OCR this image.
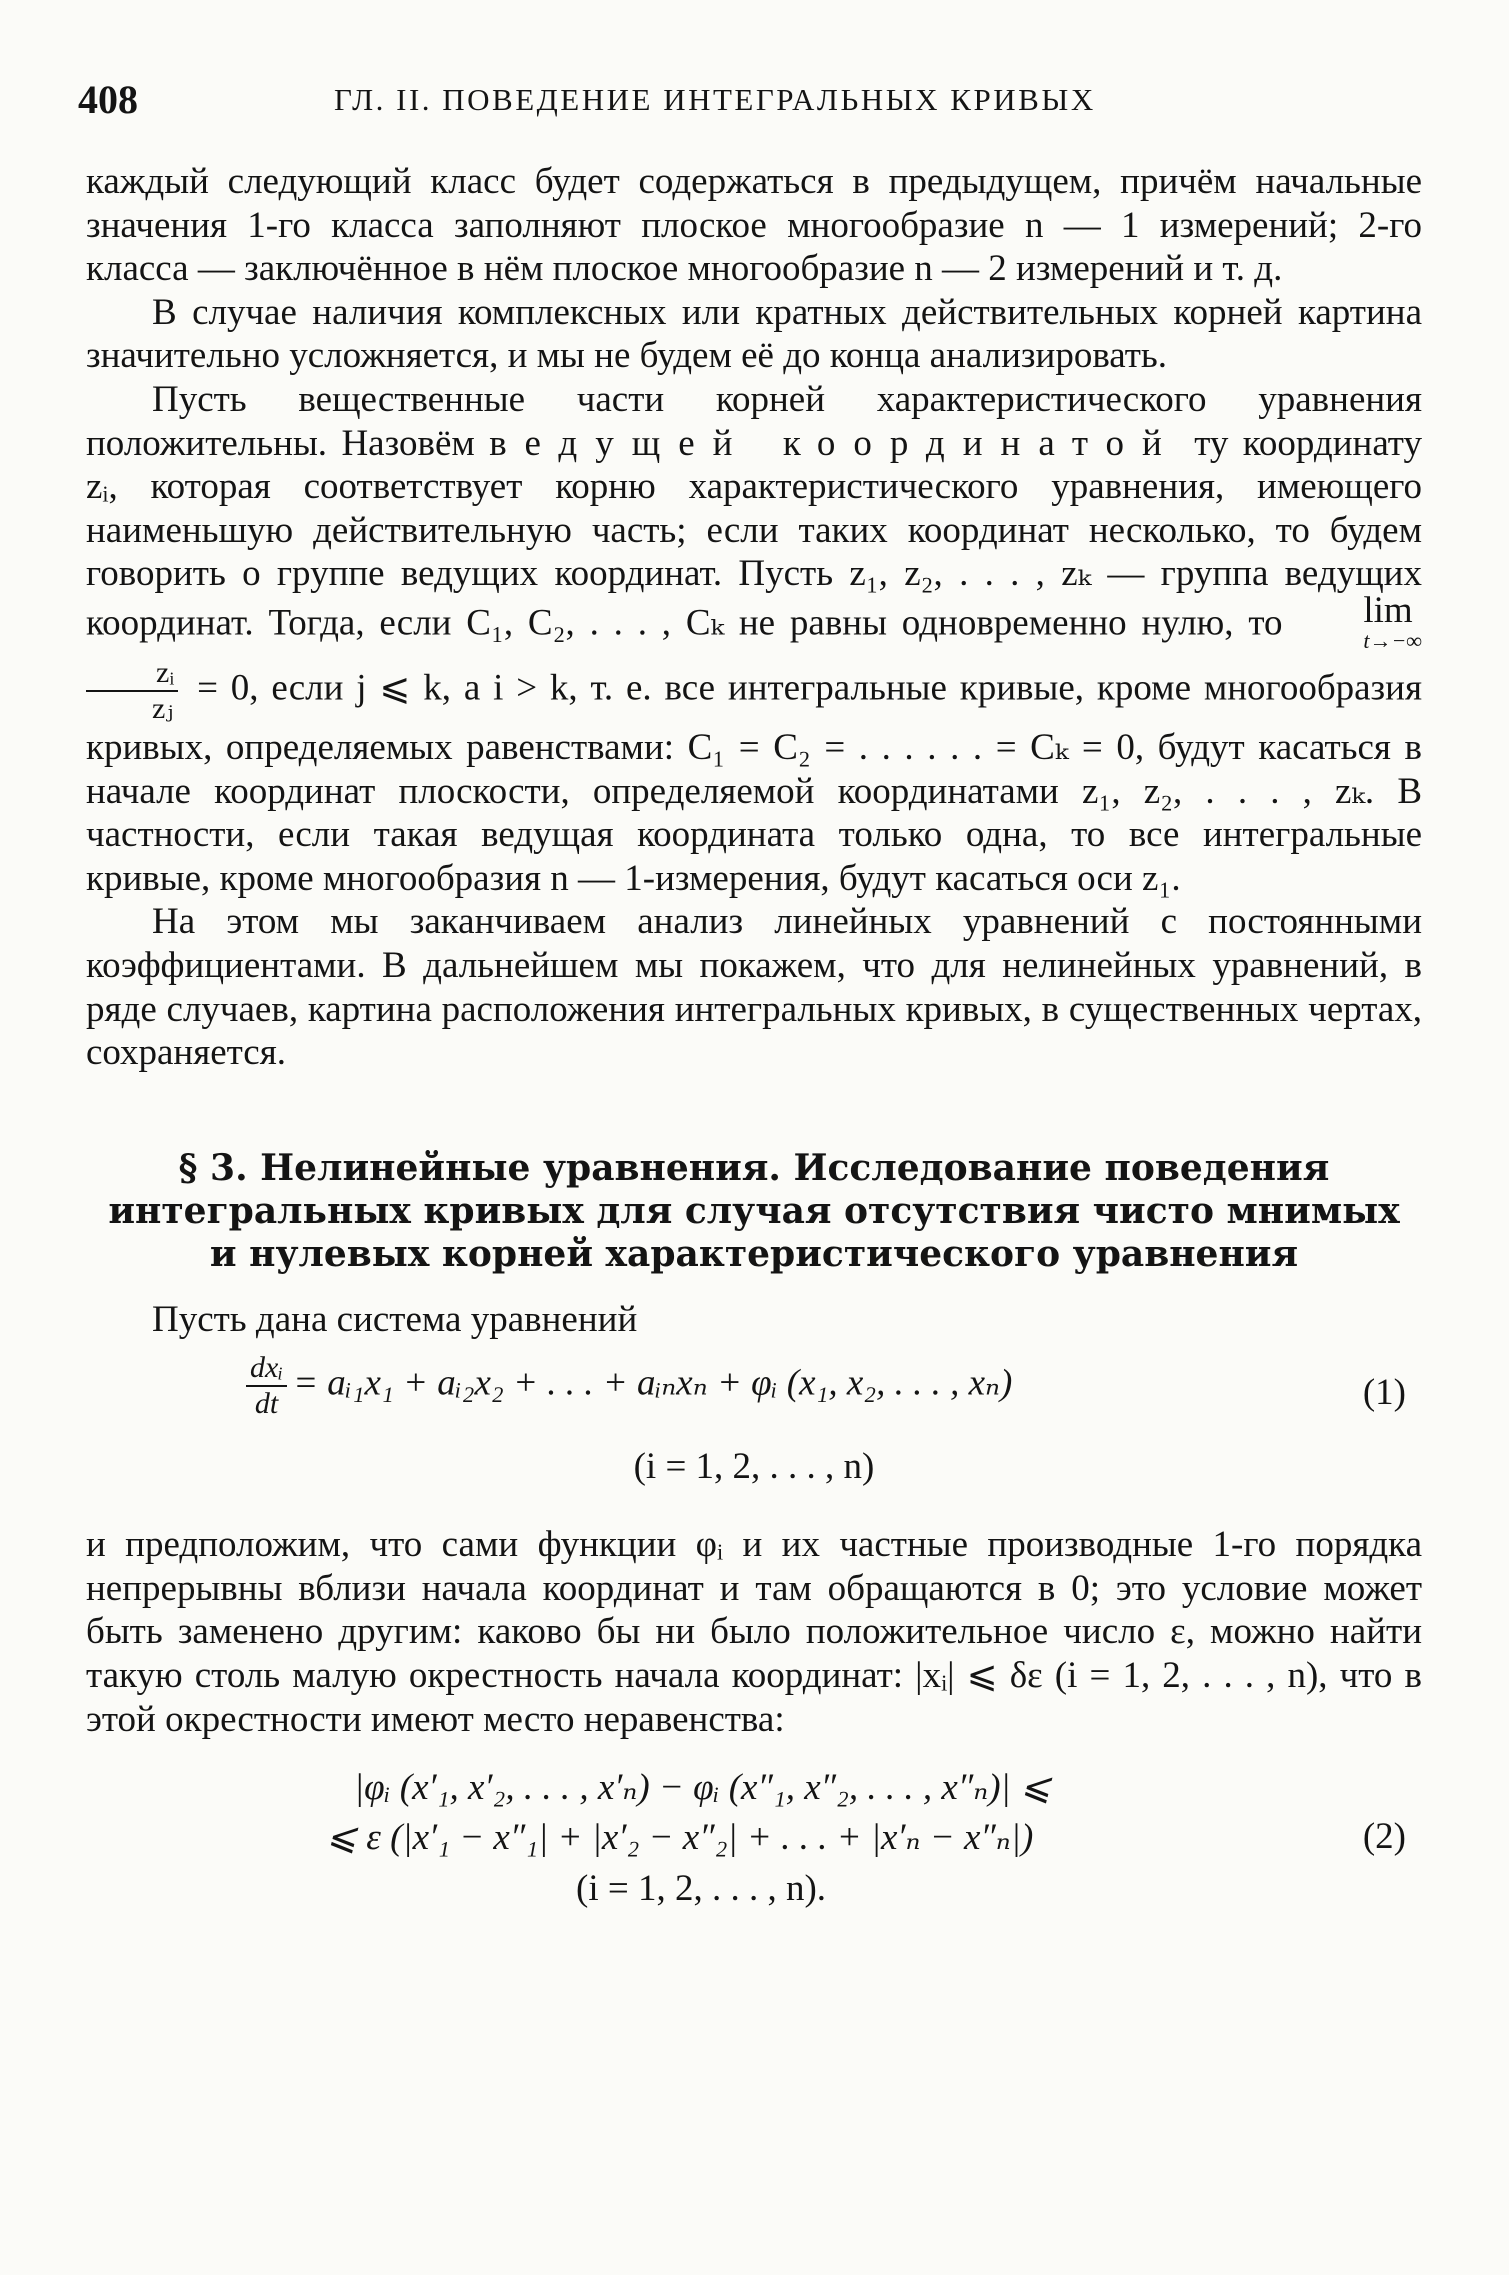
408	ГЛ. II. ПОВЕДЕНИЕ ИНТЕГРАЛЬНЫХ КРИВЫХ

каждый следующий класс будет содержаться в предыдущем, причём начальные значения 1-го класса заполняют плоское многообразие n — 1 измерений; 2-го класса — заключённое в нём плоское многообразие n — 2 измерений и т. д.

В случае наличия комплексных или кратных действительных корней картина значительно усложняется, и мы не будем её до конца анализировать.

Пусть вещественные части корней характеристического уравнения положительны. Назовём ведущей координатой ту координату zᵢ, которая соответствует корню характеристического уравнения, имеющего наименьшую действительную часть; если таких координат несколько, то будем говорить о группе ведущих координат. Пусть z₁, z₂, . . . , zₖ — группа ведущих координат. Тогда, если C₁, C₂, . . . , Cₖ не равны одновременно нулю, то lim
t→−∞

$\frac{\text{zᵢ}}{\text{zⱼ}} = 0$, если j ⩽ k, а i > k, т. е. все интегральные кривые, кроме многообразия кривых, определяемых равенствами: C₁ = C₂ = . . . . . . = Cₖ = 0, будут касаться в начале координат плоскости, определяемой координатами z₁, z₂, . . . , zₖ. В частности, если такая ведущая координата только одна, то все интегральные кривые, кроме многообразия n — 1-измерения, будут касаться оси z₁.

На этом мы заканчиваем анализ линейных уравнений с постоянными коэффициентами. В дальнейшем мы покажем, что для нелинейных уравнений, в ряде случаев, картина расположения интегральных кривых, в существенных чертах, сохраняется.

§ 3. Нелинейные уравнения. Исследование поведения
интегральных кривых для случая отсутствия чисто мнимых
и нулевых корней характеристического уравнения

Пусть дана система уравнений

$\frac{\text{dxᵢ}}{dt}$ = aᵢ₁x₁ + aᵢ₂x₂ + . . . + aᵢₙxₙ + φᵢ (x₁, x₂, . . . , xₙ)	(1)
(i = 1, 2, . . . , n)

и предположим, что сами функции φᵢ и их частные производные 1-го порядка непрерывны вблизи начала координат и там обращаются в 0; это условие может быть заменено другим: каково бы ни было положительное число ε, можно найти такую столь малую окрестность начала координат: |xᵢ| ⩽ δε (i = 1, 2, . . . , n), что в этой окрестности имеют место неравенства:

|φᵢ (x′₁, x′₂, . . . , x′ₙ) − φᵢ (x″₁, x″₂, . . . , x″ₙ)| ⩽
⩽ ε (|x′₁ − x″₁| + |x′₂ − x″₂| + . . . + |x′ₙ − x″ₙ|)
(i = 1, 2, . . . , n).
(2)
